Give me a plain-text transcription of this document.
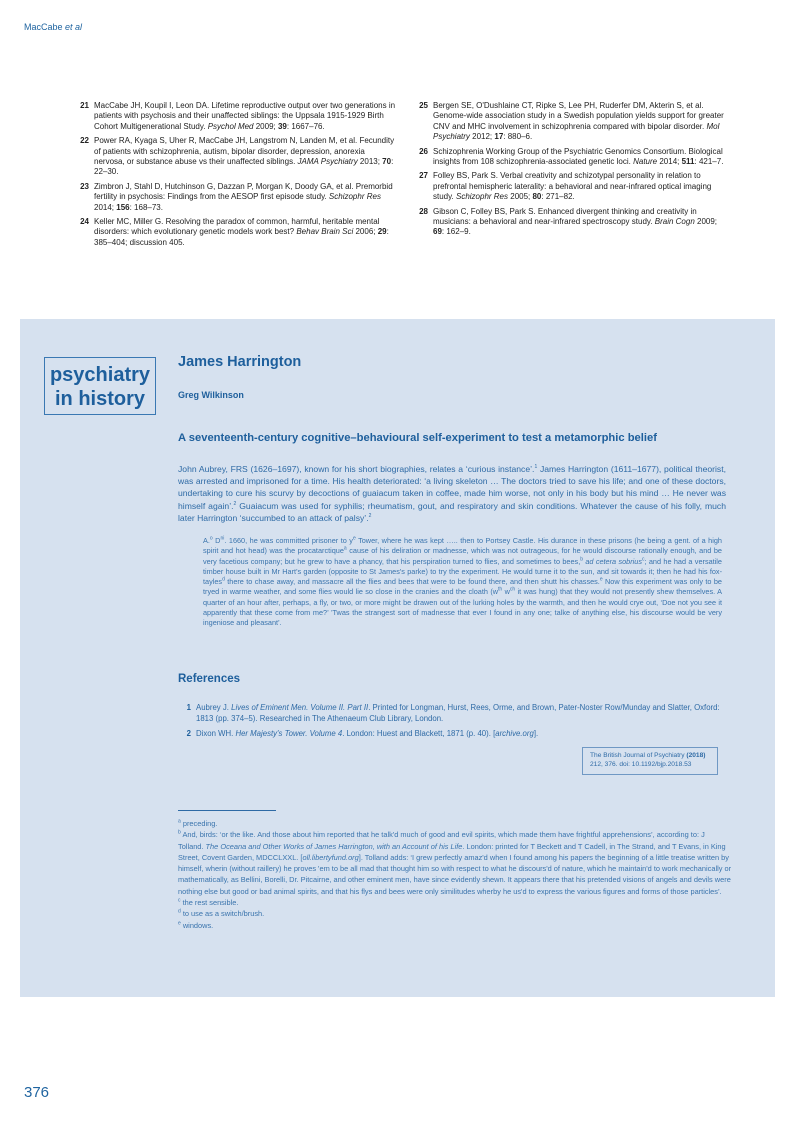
MacCabe et al
21 MacCabe JH, Koupil I, Leon DA. Lifetime reproductive output over two generations in patients with psychosis and their unaffected siblings: the Uppsala 1915-1929 Birth Cohort Multigenerational Study. Psychol Med 2009; 39: 1667–76.
22 Power RA, Kyaga S, Uher R, MacCabe JH, Langstrom N, Landen M, et al. Fecundity of patients with schizophrenia, autism, bipolar disorder, depression, anorexia nervosa, or substance abuse vs their unaffected siblings. JAMA Psychiatry 2013; 70: 22–30.
23 Zimbron J, Stahl D, Hutchinson G, Dazzan P, Morgan K, Doody GA, et al. Premorbid fertility in psychosis: Findings from the AESOP first episode study. Schizophr Res 2014; 156: 168–73.
24 Keller MC, Miller G. Resolving the paradox of common, harmful, heritable mental disorders: which evolutionary genetic models work best? Behav Brain Sci 2006; 29: 385–404; discussion 405.
25 Bergen SE, O'Dushlaine CT, Ripke S, Lee PH, Ruderfer DM, Akterin S, et al. Genome-wide association study in a Swedish population yields support for greater CNV and MHC involvement in schizophrenia compared with bipolar disorder. Mol Psychiatry 2012; 17: 880–6.
26 Schizophrenia Working Group of the Psychiatric Genomics Consortium. Biological insights from 108 schizophrenia-associated genetic loci. Nature 2014; 511: 421–7.
27 Folley BS, Park S. Verbal creativity and schizotypal personality in relation to prefrontal hemispheric laterality: a behavioral and near-infrared optical imaging study. Schizophr Res 2005; 80: 271–82.
28 Gibson C, Folley BS, Park S. Enhanced divergent thinking and creativity in musicians: a behavioral and near-infrared spectroscopy study. Brain Cogn 2009; 69: 162–9.
psychiatry
in history
James Harrington
Greg Wilkinson
A seventeenth-century cognitive–behavioural self-experiment to test a metamorphic belief
John Aubrey, FRS (1626–1697), known for his short biographies, relates a ‘curious instance’.$^1$ James Harrington (1611–1677), political theorist, was arrested and imprisoned for a time. His health deteriorated: ‘a living skeleton … The doctors tried to save his life; and one of these doctors, undertaking to cure his scurvy by decoctions of guaiacum taken in coffee, made him worse, not only in his body but his mind … He never was himself again’.$^2$ Guaiacum was used for syphilis; rheumatism, gout, and respiratory and skin conditions. Whatever the cause of his folly, much later Harrington ‘succumbed to an attack of palsy’.$^2$
A.$^o$ $D^{ni}$. 1660, he was committed prisoner to $y^e$ Tower, where he was kept ….. then to Portsey Castle. His durance in these prisons (he being a gent. of a high spirit and hot head) was the procatarctique$^a$ cause of his deliration or madnesse, which was not outrageous, for he would discourse rationally enough, and be very facetious company; but he grew to have a phancy, that his perspiration turned to flies, and sometimes to bees,$^b$ ad cetera sobrius$^c$; and he had a versatile timber house built in Mr Hart's garden (opposite to St James's parke) to try the experiment. He would turne it to the sun, and sit towards it; then he had his fox-tayles$^d$ there to chase away, and massacre all the flies and bees that were to be found there, and then shutt his chasses.$^e$ Now this experiment was only to be tryed in warme weather, and some flies would lie so close in the cranies and the cloath ($w^{th}$ $w^{ch}$ it was hung) that they would not presently shew themselves. A quarter of an hour after, perhaps, a fly, or two, or more might be drawen out of the lurking holes by the warmth, and then he would crye out, ‘Doe not you see it apparently that these come from me?’ 'Twas the strangest sort of madnesse that ever I found in any one; talke of anything else, his discourse would be very ingeniose and pleasant’.
References
1 Aubrey J. Lives of Eminent Men. Volume II. Part II. Printed for Longman, Hurst, Rees, Orme, and Brown, Pater-Noster Row/Munday and Slatter, Oxford: 1813 (pp. 374–5). Researched in The Athenaeum Club Library, London.
2 Dixon WH. Her Majesty's Tower. Volume 4. London: Huest and Blackett, 1871 (p. 40). [archive.org].
The British Journal of Psychiatry (2018)
212, 376. doi: 10.1192/bjp.2018.53

$^a$ preceding.

$^b$ And, birds: ‘or the like. And those about him reported that he talk'd much of good and evil spirits, which made them have frightful apprehensions’, according to: J Tolland. The Oceana and Other Works of James Harrington, with an Account of his Life. London: printed for T Beckett and T Cadell, in The Strand, and T Evans, in King Street, Covent Garden, MDCCLXXL. [oll.libertyfund.org]. Tolland adds: ‘I grew perfectly amaz'd when I found among his papers the beginning of a little treatise written by himself, wherin (without raillery) he proves 'em to be all mad that thought him so with respect to what he discours'd of nature, which he maintain'd to work mechanically or mathematically, as Bellini, Borelli, Dr. Pitcairne, and other eminent men, have since evidently shewn. It appears there that his pretended visions of angels and devils were nothing else but good or bad animal spirits, and that his flys and bees were only similitudes wherby he us'd to express the various figures and forms of those particles’.

$^c$ the rest sensible.

$^d$ to use as a switch/brush.

$^e$ windows.

376
